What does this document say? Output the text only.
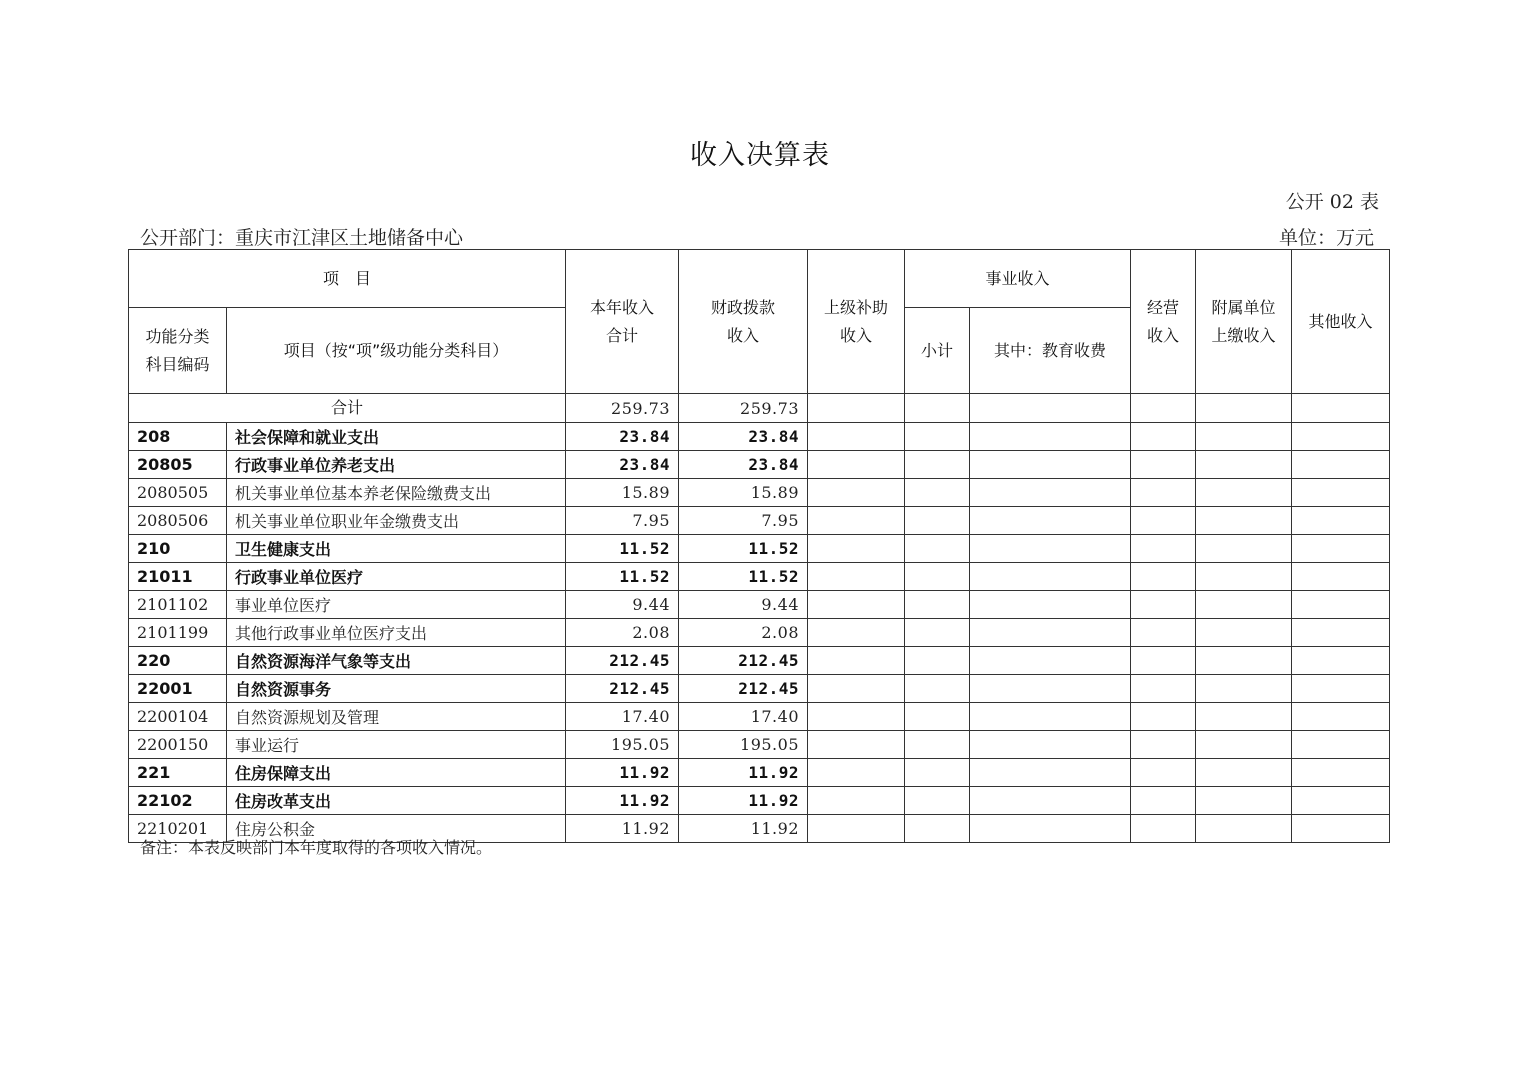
收入决算表
公开 02 表
公开部门：重庆市江津区土地储备中心	单位：万元
项　目		本年收入合计	财政拨款收入	上级补助收入	事业收入		经营收入	附属单位上缴收入	其他收入

功能分类科目编码	项目（按“项”级功能分类科目）								
					小计	其中：教育收费			
合计		259.73	259.73						
208	社会保障和就业支出	23.84	23.84						
20805	行政事业单位养老支出	23.84	23.84						
2080505	机关事业单位基本养老保险缴费支出	15.89	15.89						
2080506	机关事业单位职业年金缴费支出	7.95	7.95						
210	卫生健康支出	11.52	11.52						
21011	行政事业单位医疗	11.52	11.52						
2101102	事业单位医疗	9.44	9.44						
2101199	其他行政事业单位医疗支出	2.08	2.08						
220	自然资源海洋气象等支出	212.45	212.45						
22001	自然资源事务	212.45	212.45						
2200104	自然资源规划及管理	17.40	17.40						
2200150	事业运行	195.05	195.05						
221	住房保障支出	11.92	11.92						
22102	住房改革支出	11.92	11.92						
2210201	住房公积金	11.92	11.92						
备注：本表反映部门本年度取得的各项收入情况。
